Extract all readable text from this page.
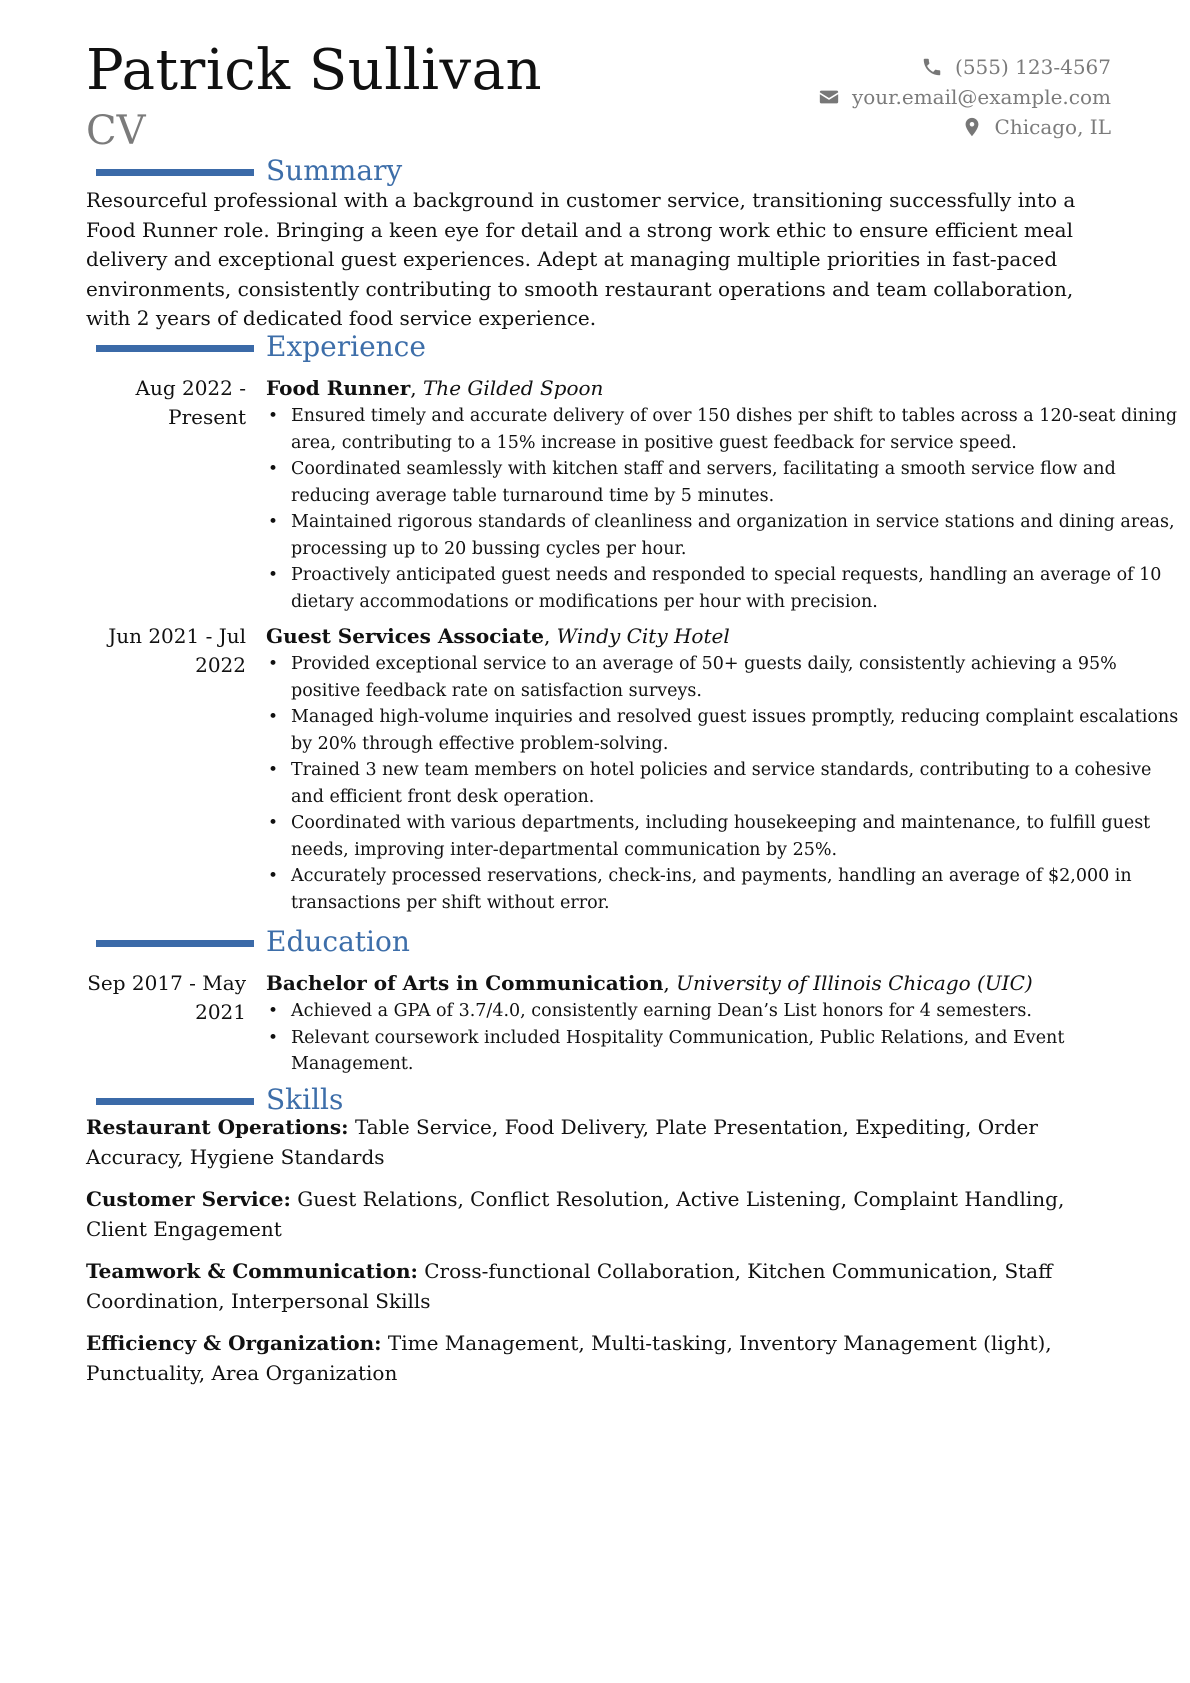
Patrick Sullivan
CV
(555) 123-4567
your.email@example.com
Chicago, IL
Summary
Resourceful professional with a background in customer service, transitioning successfully into a Food Runner role. Bringing a keen eye for detail and a strong work ethic to ensure efficient meal delivery and exceptional guest experiences. Adept at managing multiple priorities in fast-paced environments, consistently contributing to smooth restaurant operations and team collaboration, with 2 years of dedicated food service experience.
Experience
Aug 2022 -
Present
Food Runner, The Gilded Spoon
• Ensured timely and accurate delivery of over 150 dishes per shift to tables across a 120-seat dining area, contributing to a 15% increase in positive guest feedback for service speed.
• Coordinated seamlessly with kitchen staff and servers, facilitating a smooth service flow and reducing average table turnaround time by 5 minutes.
• Maintained rigorous standards of cleanliness and organization in service stations and dining areas, processing up to 20 bussing cycles per hour.
• Proactively anticipated guest needs and responded to special requests, handling an average of 10 dietary accommodations or modifications per hour with precision.
Jun 2021 - Jul
2022
Guest Services Associate, Windy City Hotel
• Provided exceptional service to an average of 50+ guests daily, consistently achieving a 95% positive feedback rate on satisfaction surveys.
• Managed high-volume inquiries and resolved guest issues promptly, reducing complaint escalations by 20% through effective problem-solving.
• Trained 3 new team members on hotel policies and service standards, contributing to a cohesive and efficient front desk operation.
• Coordinated with various departments, including housekeeping and maintenance, to fulfill guest needs, improving inter-departmental communication by 25%.
• Accurately processed reservations, check-ins, and payments, handling an average of $2,000 in transactions per shift without error.
Education
Sep 2017 - May
2021
Bachelor of Arts in Communication, University of Illinois Chicago (UIC)
• Achieved a GPA of 3.7/4.0, consistently earning Dean’s List honors for 4 semesters.
• Relevant coursework included Hospitality Communication, Public Relations, and Event Management.
Skills
Restaurant Operations: Table Service, Food Delivery, Plate Presentation, Expediting, Order Accuracy, Hygiene Standards
Customer Service: Guest Relations, Conflict Resolution, Active Listening, Complaint Handling, Client Engagement
Teamwork & Communication: Cross-functional Collaboration, Kitchen Communication, Staff Coordination, Interpersonal Skills
Efficiency & Organization: Time Management, Multi-tasking, Inventory Management (light), Punctuality, Area Organization
